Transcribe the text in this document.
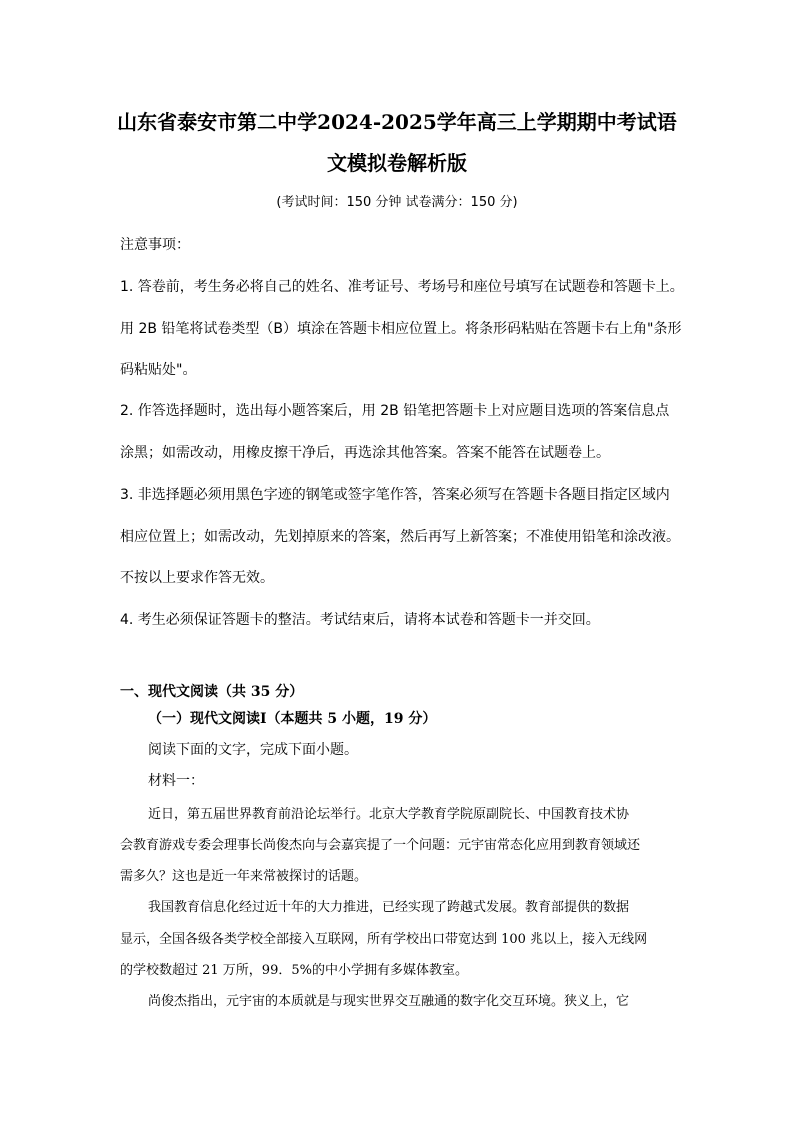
山东省泰安市第二中学2024-2025学年高三上学期期中考试语
文模拟卷解析版
(考试时间：150 分钟 试卷满分：150 分)
注意事项：
1. 答卷前，考生务必将自己的姓名、准考证号、考场号和座位号填写在试题卷和答题卡上。
用 2B 铅笔将试卷类型（B）填涂在答题卡相应位置上。将条形码粘贴在答题卡右上角"条形
码粘贴处"。
2. 作答选择题时，选出每小题答案后，用 2B 铅笔把答题卡上对应题目选项的答案信息点
涂黑；如需改动，用橡皮擦干净后，再选涂其他答案。答案不能答在试题卷上。
3. 非选择题必须用黑色字迹的钢笔或签字笔作答，答案必须写在答题卡各题目指定区域内
相应位置上；如需改动，先划掉原来的答案，然后再写上新答案；不准使用铅笔和涂改液。
不按以上要求作答无效。
4. 考生必须保证答题卡的整洁。考试结束后，请将本试卷和答题卡一并交回。
一、现代文阅读（共 35 分）
（一）现代文阅读Ⅰ（本题共 5 小题，19 分）
阅读下面的文字，完成下面小题。
材料一：
近日，第五届世界教育前沿论坛举行。北京大学教育学院原副院长、中国教育技术协
会教育游戏专委会理事长尚俊杰向与会嘉宾提了一个问题：元宇宙常态化应用到教育领域还
需多久？这也是近一年来常被探讨的话题。
我国教育信息化经过近十年的大力推进，已经实现了跨越式发展。教育部提供的数据
显示，全国各级各类学校全部接入互联网，所有学校出口带宽达到 100 兆以上，接入无线网
的学校数超过 21 万所，99．5%的中小学拥有多媒体教室。
尚俊杰指出，元宇宙的本质就是与现实世界交互融通的数字化交互环境。狭义上，它
